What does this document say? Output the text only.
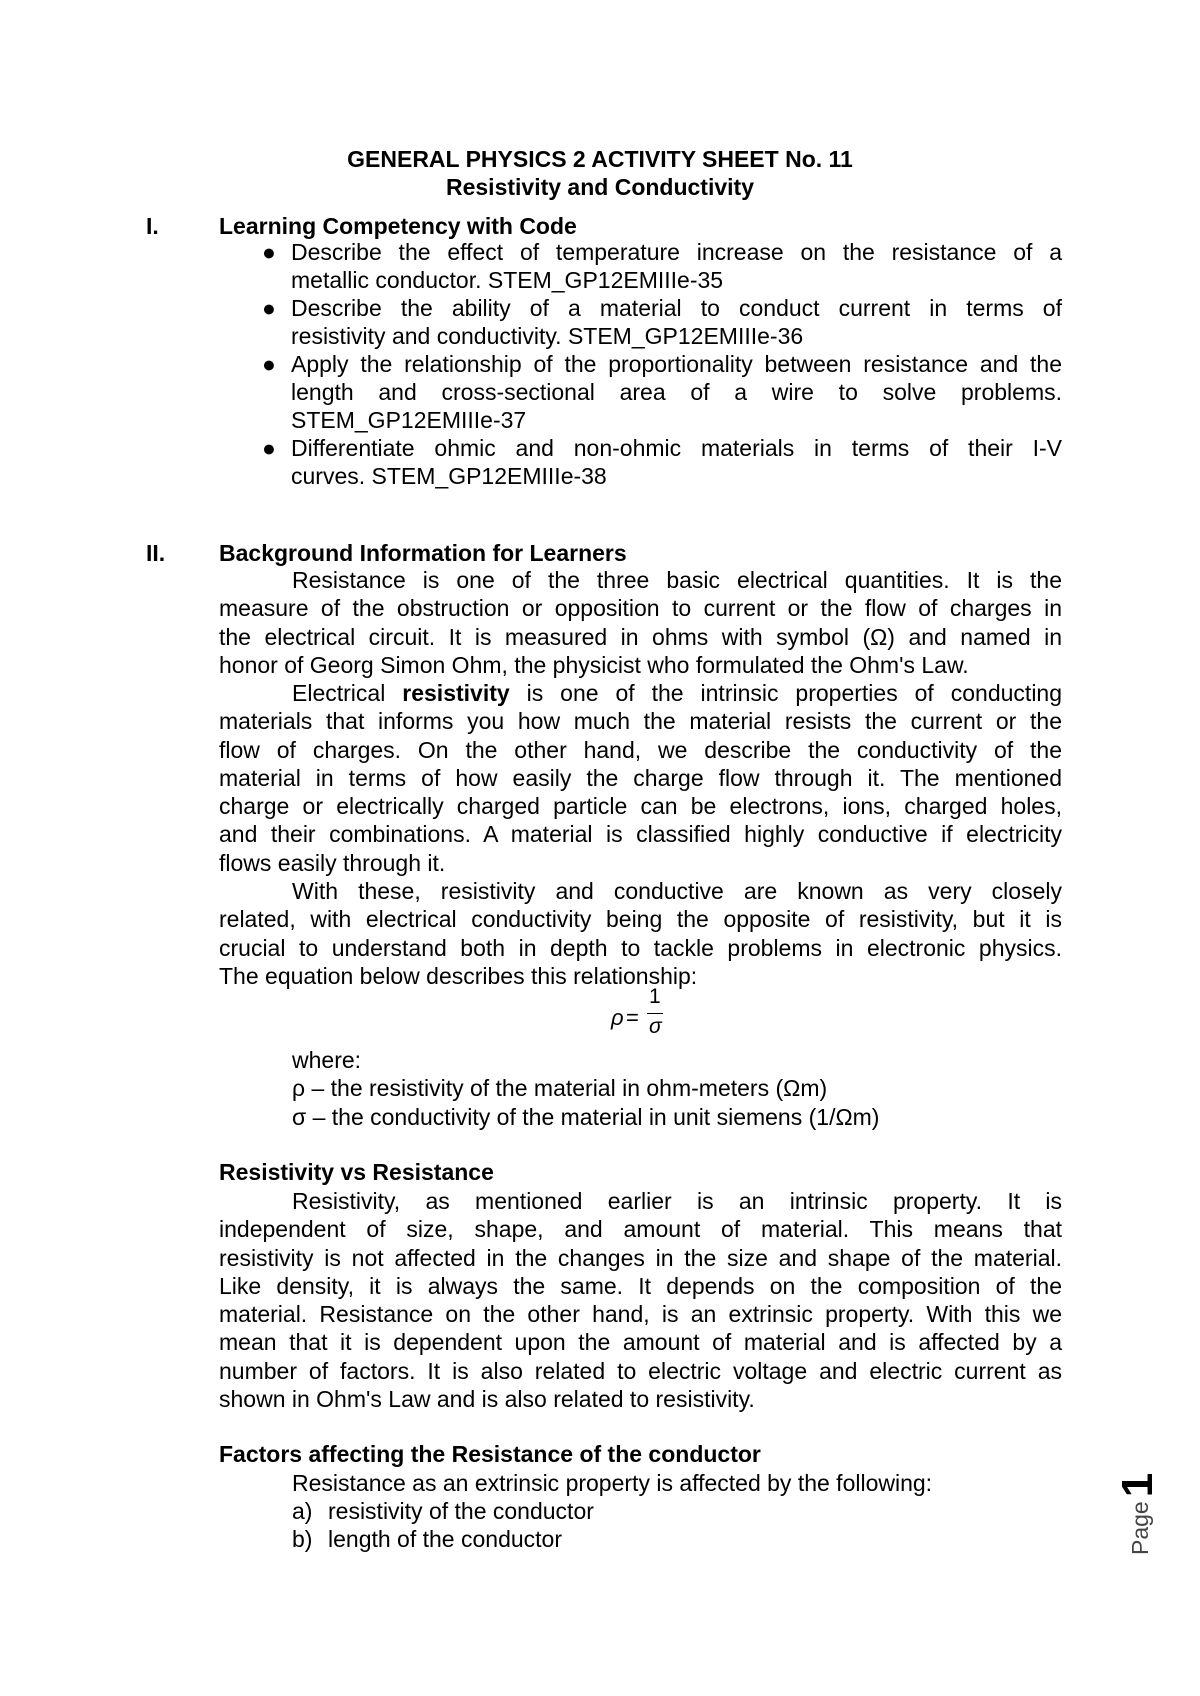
GENERAL PHYSICS 2 ACTIVITY SHEET No. 11
Resistivity and Conductivity
I.	Learning Competency with Code
● Describe the effect of temperature increase on the resistance of a
metallic conductor. STEM_GP12EMIIIe-35
● Describe the ability of a material to conduct current in terms of
resistivity and conductivity. STEM_GP12EMIIIe-36
● Apply the relationship of the proportionality between resistance and the
length and cross-sectional area of a wire to solve problems.
STEM_GP12EMIIIe-37
● Differentiate ohmic and non-ohmic materials in terms of their I-V
curves. STEM_GP12EMIIIe-38
II. Background Information for Learners
Resistance is one of the three basic electrical quantities. It is the
measure of the obstruction or opposition to current or the flow of charges in
the electrical circuit. It is measured in ohms with symbol (Ω) and named in
honor of Georg Simon Ohm, the physicist who formulated the Ohm's Law.
Electrical resistivity is one of the intrinsic properties of conducting
materials that informs you how much the material resists the current or the
flow of charges. On the other hand, we describe the conductivity of the
material in terms of how easily the charge flow through it. The mentioned
charge or electrically charged particle can be electrons, ions, charged holes,
and their combinations. A material is classified highly conductive if electricity
flows easily through it.
With these, resistivity and conductive are known as very closely
related, with electrical conductivity being the opposite of resistivity, but it is
crucial to understand both in depth to tackle problems in electronic physics.
The equation below describes this relationship:
ρ =
1
σ
where:
ρ – the resistivity of the material in ohm-meters (Ωm)
σ – the conductivity of the material in unit siemens (1/Ωm)
Resistivity vs Resistance
Resistivity, as mentioned earlier is an intrinsic property. It is
independent of size, shape, and amount of material. This means that
resistivity is not affected in the changes in the size and shape of the material.
Like density, it is always the same. It depends on the composition of the
material. Resistance on the other hand, is an extrinsic property. With this we
mean that it is dependent upon the amount of material and is affected by a
number of factors. It is also related to electric voltage and electric current as
shown in Ohm's Law and is also related to resistivity.
Factors affecting the Resistance of the conductor
Resistance as an extrinsic property is affected by the following:
a) resistivity of the conductor
b) length of the conductor	Page1
